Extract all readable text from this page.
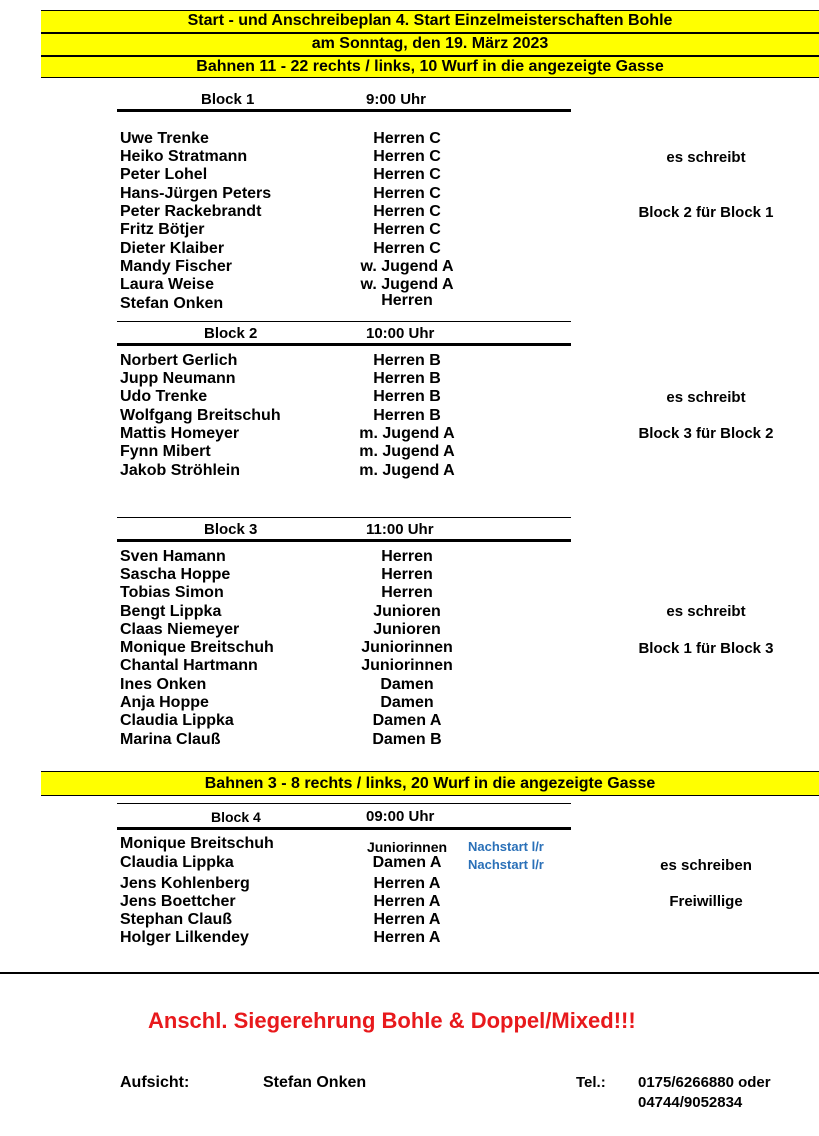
Start - und Anschreibeplan 4. Start Einzelmeisterschaften Bohle
am Sonntag, den 19. März 2023
Bahnen 11 - 22 rechts / links, 10 Wurf in die angezeigte Gasse
Block 1	9:00 Uhr
Uwe Trenke	Herren C
Heiko Stratmann	Herren C
Peter Lohel	Herren C
Hans-Jürgen Peters	Herren C
Peter Rackebrandt	Herren C
Fritz Bötjer	Herren C
Dieter Klaiber	Herren C
Mandy Fischer	w. Jugend A
Laura Weise	w. Jugend A
Stefan Onken	Herren
es schreibt
Block 2 für Block 1
Block 2	10:00 Uhr
Norbert Gerlich	Herren B
Jupp Neumann	Herren B
Udo Trenke	Herren B
Wolfgang Breitschuh	Herren B
Mattis Homeyer	m. Jugend A
Fynn Mibert	m. Jugend A
Jakob Ströhlein	m. Jugend A
es schreibt
Block 3 für Block 2
Block 3	11:00 Uhr
Sven Hamann	Herren
Sascha Hoppe	Herren
Tobias Simon	Herren
Bengt Lippka	Junioren
Claas Niemeyer	Junioren
Monique Breitschuh	Juniorinnen
Chantal Hartmann	Juniorinnen
Ines Onken	Damen
Anja Hoppe	Damen
Claudia Lippka	Damen A
Marina Clauß	Damen B
es schreibt
Block 1 für Block 3
Bahnen 3 - 8 rechts / links, 20 Wurf in die angezeigte Gasse
Block 4	09:00 Uhr
Monique Breitschuh	Juniorinnen	Nachstart l/r
Claudia Lippka	Damen A	Nachstart l/r
Jens Kohlenberg	Herren A
Jens Boettcher	Herren A
Stephan Clauß	Herren A
Holger Lilkendey	Herren A
es schreiben
Freiwillige
Anschl. Siegerehrung Bohle & Doppel/Mixed!!!
Aufsicht:	Stefan Onken	Tel.: 0175/6266880 oder
04744/9052834
